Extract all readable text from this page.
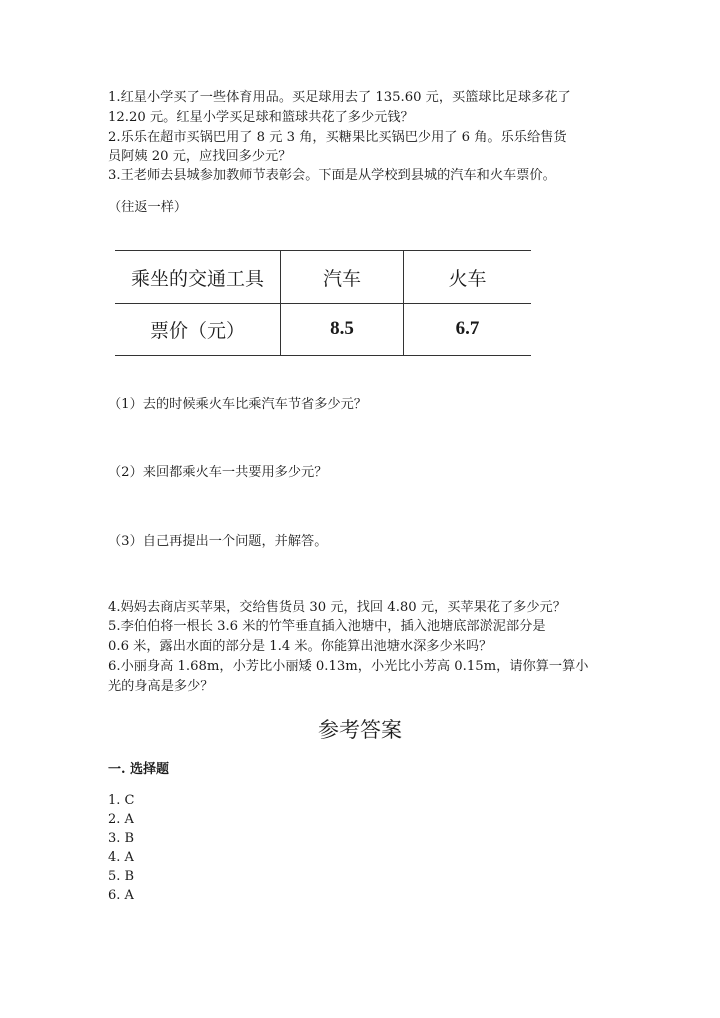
1.红星小学买了一些体育用品。买足球用去了 135.60 元，买篮球比足球多花了
12.20 元。红星小学买足球和篮球共花了多少元钱？
2.乐乐在超市买锅巴用了 8 元 3 角，买糖果比买锅巴少用了 6 角。乐乐给售货
员阿姨 20 元，应找回多少元？
3.王老师去县城参加教师节表彰会。下面是从学校到县城的汽车和火车票价。
（往返一样）
乘坐的交通工具	汽车	火车
票价（元）	8.5	6.7
（1）去的时候乘火车比乘汽车节省多少元？
（2）来回都乘火车一共要用多少元？
（3）自己再提出一个问题，并解答。
4.妈妈去商店买苹果，交给售货员 30 元，找回 4.80 元，买苹果花了多少元？
5.李伯伯将一根长 3.6 米的竹竿垂直插入池塘中，插入池塘底部淤泥部分是
0.6 米，露出水面的部分是 1.4 米。你能算出池塘水深多少米吗？
6.小丽身高 1.68m，小芳比小丽矮 0.13m，小光比小芳高 0.15m，请你算一算小
光的身高是多少？
参考答案
一. 选择题
1. C
2. A
3. B
4. A
5. B
6. A
